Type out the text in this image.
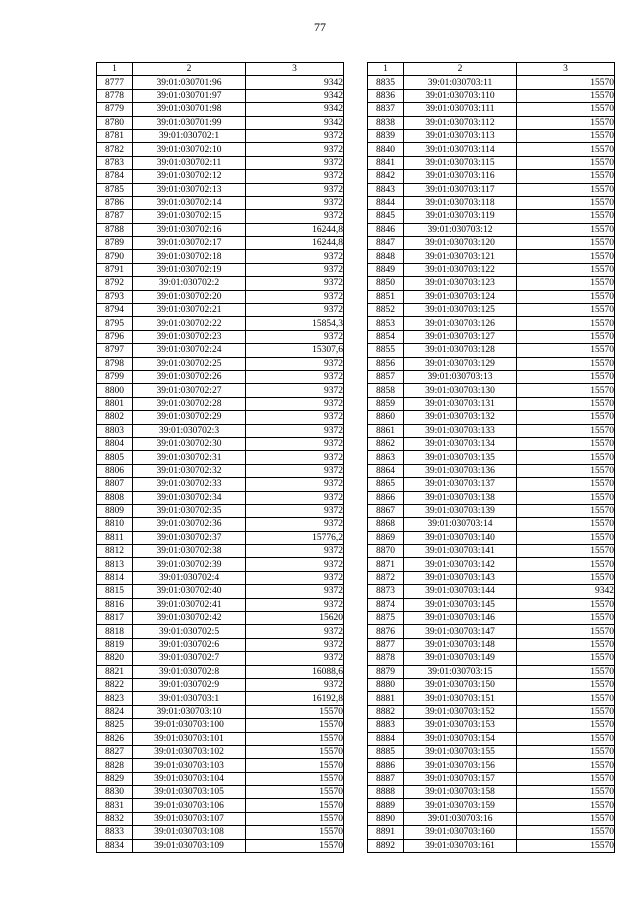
77
1	2	3
8777	39:01:030701:96	9342
8778	39:01:030701:97	9342
8779	39:01:030701:98	9342
8780	39:01:030701:99	9342
8781	39:01:030702:1	9372
8782	39:01:030702:10	9372
8783	39:01:030702:11	9372
8784	39:01:030702:12	9372
8785	39:01:030702:13	9372
8786	39:01:030702:14	9372
8787	39:01:030702:15	9372
8788	39:01:030702:16	16244,8
8789	39:01:030702:17	16244,8
8790	39:01:030702:18	9372
8791	39:01:030702:19	9372
8792	39:01:030702:2	9372
8793	39:01:030702:20	9372
8794	39:01:030702:21	9372
8795	39:01:030702:22	15854,3
8796	39:01:030702:23	9372
8797	39:01:030702:24	15307,6
8798	39:01:030702:25	9372
8799	39:01:030702:26	9372
8800	39:01:030702:27	9372
8801	39:01:030702:28	9372
8802	39:01:030702:29	9372
8803	39:01:030702:3	9372
8804	39:01:030702:30	9372
8805	39:01:030702:31	9372
8806	39:01:030702:32	9372
8807	39:01:030702:33	9372
8808	39:01:030702:34	9372
8809	39:01:030702:35	9372
8810	39:01:030702:36	9372
8811	39:01:030702:37	15776,2
8812	39:01:030702:38	9372
8813	39:01:030702:39	9372
8814	39:01:030702:4	9372
8815	39:01:030702:40	9372
8816	39:01:030702:41	9372
8817	39:01:030702:42	15620
8818	39:01:030702:5	9372
8819	39:01:030702:6	9372
8820	39:01:030702:7	9372
8821	39:01:030702:8	16088,6
8822	39:01:030702:9	9372
8823	39:01:030703:1	16192,8
8824	39:01:030703:10	15570
8825	39:01:030703:100	15570
8826	39:01:030703:101	15570
8827	39:01:030703:102	15570
8828	39:01:030703:103	15570
8829	39:01:030703:104	15570
8830	39:01:030703:105	15570
8831	39:01:030703:106	15570
8832	39:01:030703:107	15570
8833	39:01:030703:108	15570
8834	39:01:030703:109	15570
1	2	3
8835	39:01:030703:11	15570
8836	39:01:030703:110	15570
8837	39:01:030703:111	15570
8838	39:01:030703:112	15570
8839	39:01:030703:113	15570
8840	39:01:030703:114	15570
8841	39:01:030703:115	15570
8842	39:01:030703:116	15570
8843	39:01:030703:117	15570
8844	39:01:030703:118	15570
8845	39:01:030703:119	15570
8846	39:01:030703:12	15570
8847	39:01:030703:120	15570
8848	39:01:030703:121	15570
8849	39:01:030703:122	15570
8850	39:01:030703:123	15570
8851	39:01:030703:124	15570
8852	39:01:030703:125	15570
8853	39:01:030703:126	15570
8854	39:01:030703:127	15570
8855	39:01:030703:128	15570
8856	39:01:030703:129	15570
8857	39:01:030703:13	15570
8858	39:01:030703:130	15570
8859	39:01:030703:131	15570
8860	39:01:030703:132	15570
8861	39:01:030703:133	15570
8862	39:01:030703:134	15570
8863	39:01:030703:135	15570
8864	39:01:030703:136	15570
8865	39:01:030703:137	15570
8866	39:01:030703:138	15570
8867	39:01:030703:139	15570
8868	39:01:030703:14	15570
8869	39:01:030703:140	15570
8870	39:01:030703:141	15570
8871	39:01:030703:142	15570
8872	39:01:030703:143	15570
8873	39:01:030703:144	9342
8874	39:01:030703:145	15570
8875	39:01:030703:146	15570
8876	39:01:030703:147	15570
8877	39:01:030703:148	15570
8878	39:01:030703:149	15570
8879	39:01:030703:15	15570
8880	39:01:030703:150	15570
8881	39:01:030703:151	15570
8882	39:01:030703:152	15570
8883	39:01:030703:153	15570
8884	39:01:030703:154	15570
8885	39:01:030703:155	15570
8886	39:01:030703:156	15570
8887	39:01:030703:157	15570
8888	39:01:030703:158	15570
8889	39:01:030703:159	15570
8890	39:01:030703:16	15570
8891	39:01:030703:160	15570
8892	39:01:030703:161	15570
